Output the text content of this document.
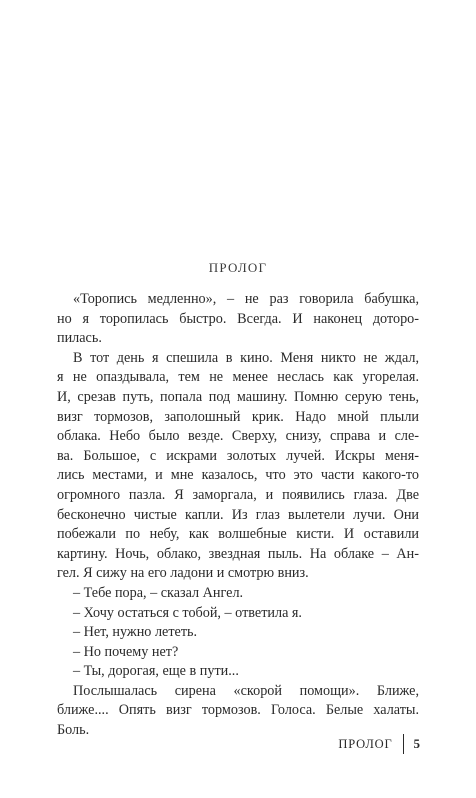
ПРОЛОГ
«Торопись медленно», – не раз говорила бабушка,
но я торопилась быстро. Всегда. И наконец доторо-
пилась.
В тот день я спешила в кино. Меня никто не ждал,
я не опаздывала, тем не менее неслась как угорелая.
И, срезав путь, попала под машину. Помню серую тень,
визг тормозов, заполошный крик. Надо мной плыли
облака. Небо было везде. Сверху, снизу, справа и сле-
ва. Большое, с искрами золотых лучей. Искры меня-
лись местами, и мне казалось, что это части какого-то
огромного пазла. Я заморгала, и появились глаза. Две
бесконечно чистые капли. Из глаз вылетели лучи. Они
побежали по небу, как волшебные кисти. И оставили
картину. Ночь, облако, звездная пыль. На облаке – Ан-
гел. Я сижу на его ладони и смотрю вниз.
– Тебе пора, – сказал Ангел.
– Хочу остаться с тобой, – ответила я.
– Нет, нужно лететь.
– Но почему нет?
– Ты, дорогая, еще в пути...
Послышалась сирена «скорой помощи». Ближе,
ближе.... Опять визг тормозов. Голоса. Белые халаты.
Боль.
ПРОЛОГ 5
